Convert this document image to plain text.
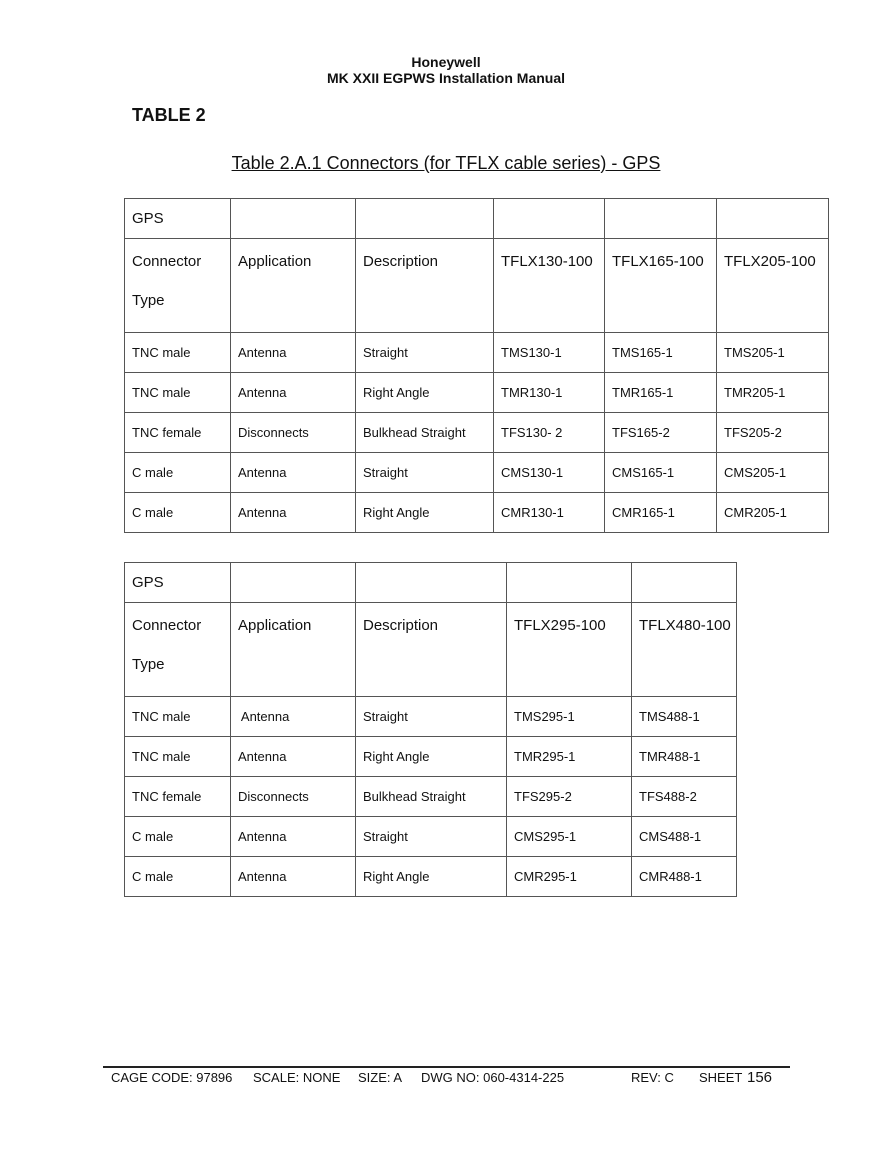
Honeywell
MK XXII EGPWS Installation Manual
TABLE 2
Table 2.A.1 Connectors (for TFLX cable series) - GPS
GPS					

Connector
Type	Application	Description	TFLX130-100	TFLX165-100	TFLX205-100

TNC male	Antenna	Straight	TMS130-1	TMS165-1	TMS205-1
TNC male	Antenna	Right Angle	TMR130-1	TMR165-1	TMR205-1
TNC female	Disconnects	Bulkhead Straight	TFS130- 2	TFS165-2	TFS205-2
C male	Antenna	Straight	CMS130-1	CMS165-1	CMS205-1
C male	Antenna	Right Angle	CMR130-1	CMR165-1	CMR205-1
GPS				

Connector
Type	Application	Description	TFLX295-100	TFLX480-100

TNC male	Antenna	Straight	TMS295-1	TMS488-1
TNC male	Antenna	Right Angle	TMR295-1	TMR488-1
TNC female	Disconnects	Bulkhead Straight	TFS295-2	TFS488-2
C male	Antenna	Straight	CMS295-1	CMS488-1
C male	Antenna	Right Angle	CMR295-1	CMR488-1
CAGE CODE: 97896 SCALE: NONE SIZE: A DWG NO: 060-4314-225	REV: C SHEET 156
